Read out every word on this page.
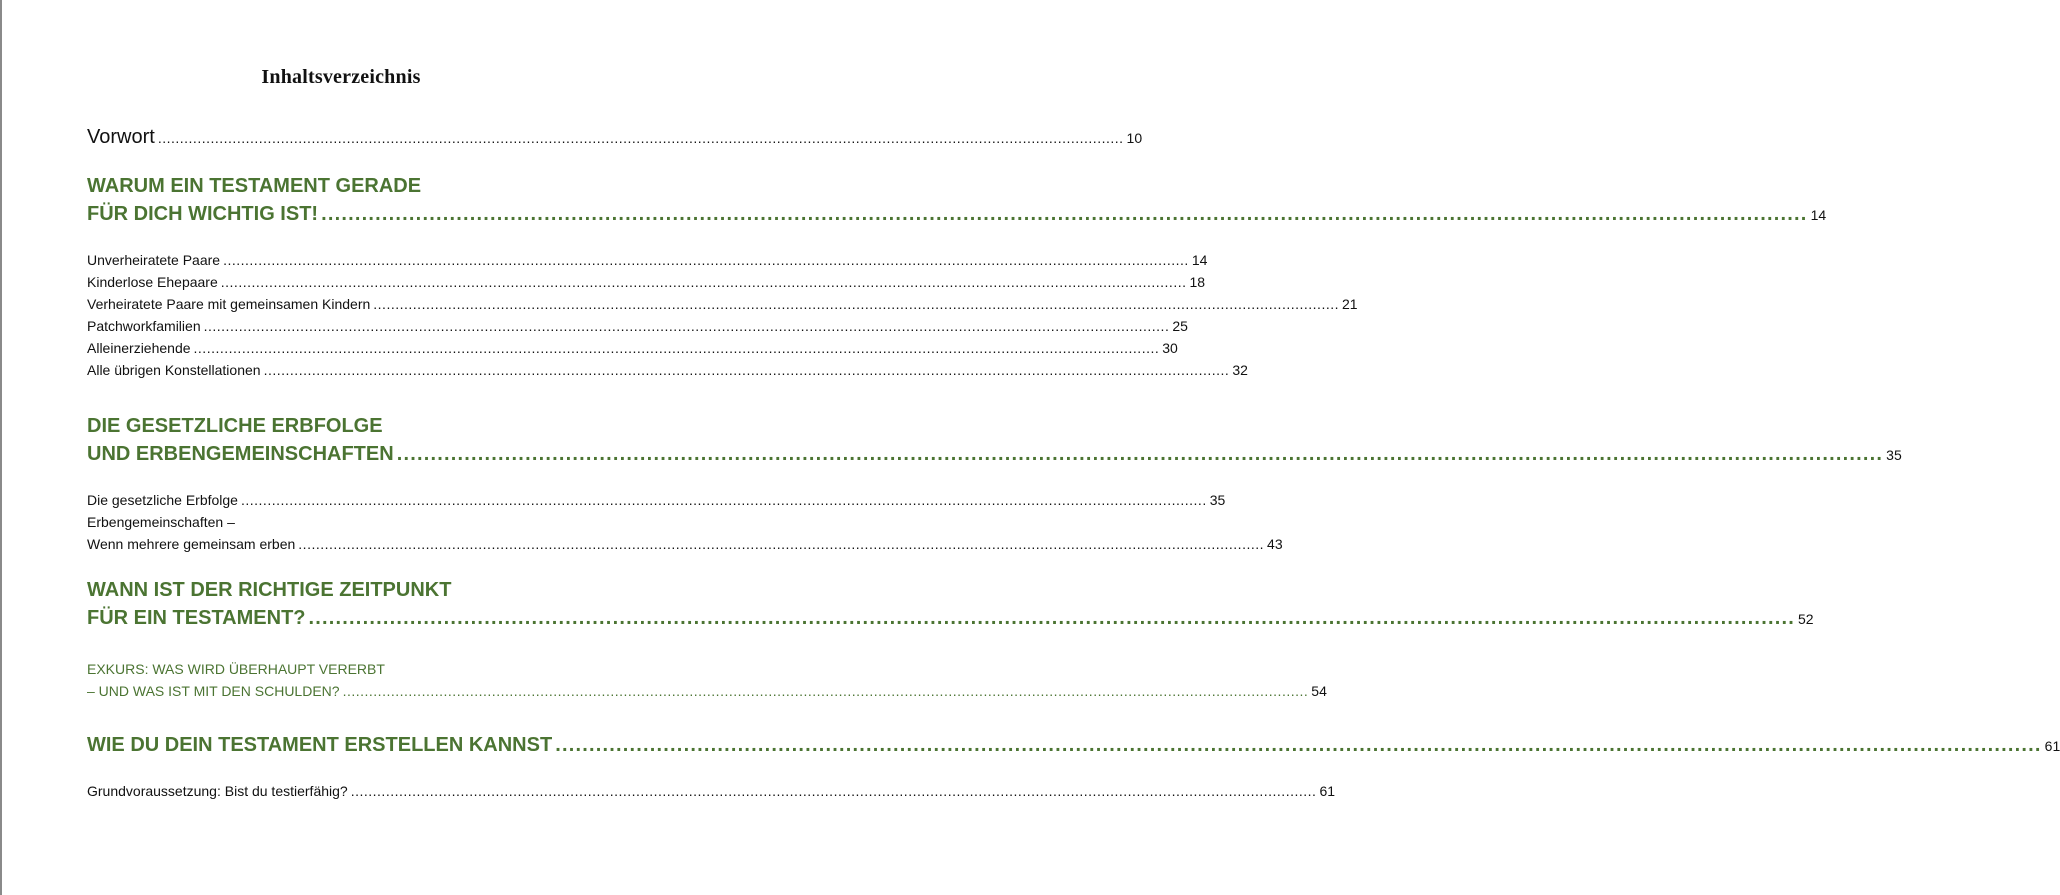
Inhaltsverzeichnis
Vorwort ............................................................................................................................................................................................................................ 10
WARUM EIN TESTAMENT GERADE
FÜR DICH WICHTIG IST! ............................................................................................................................................................................................................................ 14
Unverheiratete Paare ............................................................................................................................................................................................................................ 14
Kinderlose Ehepaare ............................................................................................................................................................................................................................ 18
Verheiratete Paare mit gemeinsamen Kindern ............................................................................................................................................................................................................................ 21
Patchworkfamilien ............................................................................................................................................................................................................................ 25
Alleinerziehende ............................................................................................................................................................................................................................ 30
Alle übrigen Konstellationen ............................................................................................................................................................................................................................ 32
DIE GESETZLICHE ERBFOLGE
UND ERBENGEMEINSCHAFTEN ............................................................................................................................................................................................................................ 35
Die gesetzliche Erbfolge ............................................................................................................................................................................................................................ 35
Erbengemeinschaften –
Wenn mehrere gemeinsam erben ............................................................................................................................................................................................................................ 43
WANN IST DER RICHTIGE ZEITPUNKT
FÜR EIN TESTAMENT? ............................................................................................................................................................................................................................ 52
EXKURS: WAS WIRD ÜBERHAUPT VERERBT
– UND WAS IST MIT DEN SCHULDEN? ............................................................................................................................................................................................................................ 54
WIE DU DEIN TESTAMENT ERSTELLEN KANNST ............................................................................................................................................................................................................................ 61
Grundvoraussetzung: Bist du testierfähig? ............................................................................................................................................................................................................................ 61
